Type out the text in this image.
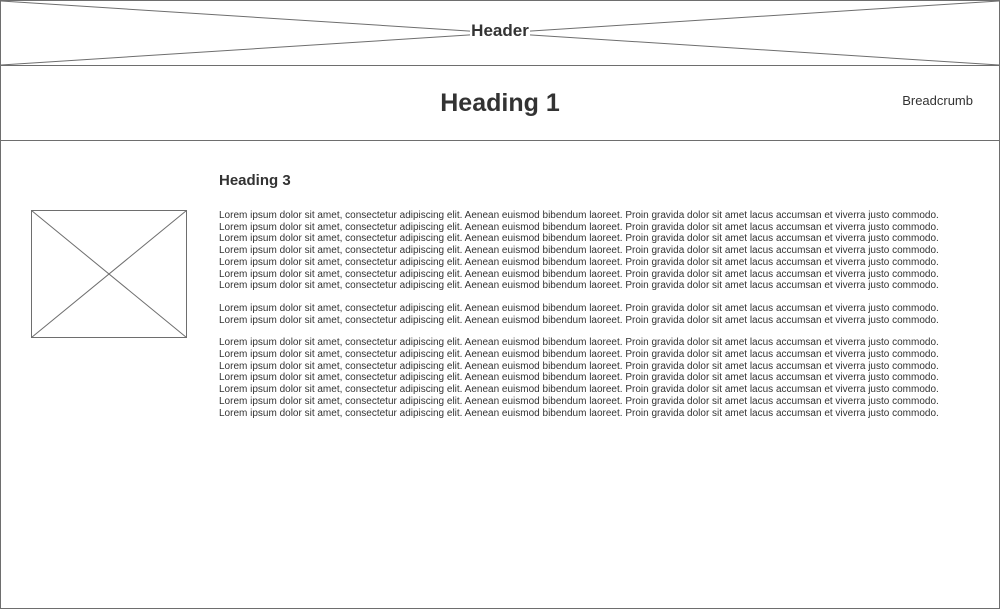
Header
Heading 1	Breadcrumb
Heading 3

Lorem ipsum dolor sit amet, consectetur adipiscing elit. Aenean euismod bibendum laoreet. Proin gravida dolor sit amet lacus accumsan et viverra justo commodo. Lorem ipsum dolor sit amet, consectetur adipiscing elit. Aenean euismod bibendum laoreet. Proin gravida dolor sit amet lacus accumsan et viverra justo commodo. Lorem ipsum dolor sit amet, consectetur adipiscing elit. Aenean euismod bibendum laoreet. Proin gravida dolor sit amet lacus accumsan et viverra justo commodo. Lorem ipsum dolor sit amet, consectetur adipiscing elit. Aenean euismod bibendum laoreet. Proin gravida dolor sit amet lacus accumsan et viverra justo commodo. Lorem ipsum dolor sit amet, consectetur adipiscing elit. Aenean euismod bibendum laoreet. Proin gravida dolor sit amet lacus accumsan et viverra justo commodo. Lorem ipsum dolor sit amet, consectetur adipiscing elit. Aenean euismod bibendum laoreet. Proin gravida dolor sit amet lacus accumsan et viverra justo commodo. Lorem ipsum dolor sit amet, consectetur adipiscing elit. Aenean euismod bibendum laoreet. Proin gravida dolor sit amet lacus accumsan et viverra justo commodo.

Lorem ipsum dolor sit amet, consectetur adipiscing elit. Aenean euismod bibendum laoreet. Proin gravida dolor sit amet lacus accumsan et viverra justo commodo. Lorem ipsum dolor sit amet, consectetur adipiscing elit. Aenean euismod bibendum laoreet. Proin gravida dolor sit amet lacus accumsan et viverra justo commodo.

Lorem ipsum dolor sit amet, consectetur adipiscing elit. Aenean euismod bibendum laoreet. Proin gravida dolor sit amet lacus accumsan et viverra justo commodo. Lorem ipsum dolor sit amet, consectetur adipiscing elit. Aenean euismod bibendum laoreet. Proin gravida dolor sit amet lacus accumsan et viverra justo commodo. Lorem ipsum dolor sit amet, consectetur adipiscing elit. Aenean euismod bibendum laoreet. Proin gravida dolor sit amet lacus accumsan et viverra justo commodo. Lorem ipsum dolor sit amet, consectetur adipiscing elit. Aenean euismod bibendum laoreet. Proin gravida dolor sit amet lacus accumsan et viverra justo commodo. Lorem ipsum dolor sit amet, consectetur adipiscing elit. Aenean euismod bibendum laoreet. Proin gravida dolor sit amet lacus accumsan et viverra justo commodo. Lorem ipsum dolor sit amet, consectetur adipiscing elit. Aenean euismod bibendum laoreet. Proin gravida dolor sit amet lacus accumsan et viverra justo commodo. Lorem ipsum dolor sit amet, consectetur adipiscing elit. Aenean euismod bibendum laoreet. Proin gravida dolor sit amet lacus accumsan et viverra justo commodo.
